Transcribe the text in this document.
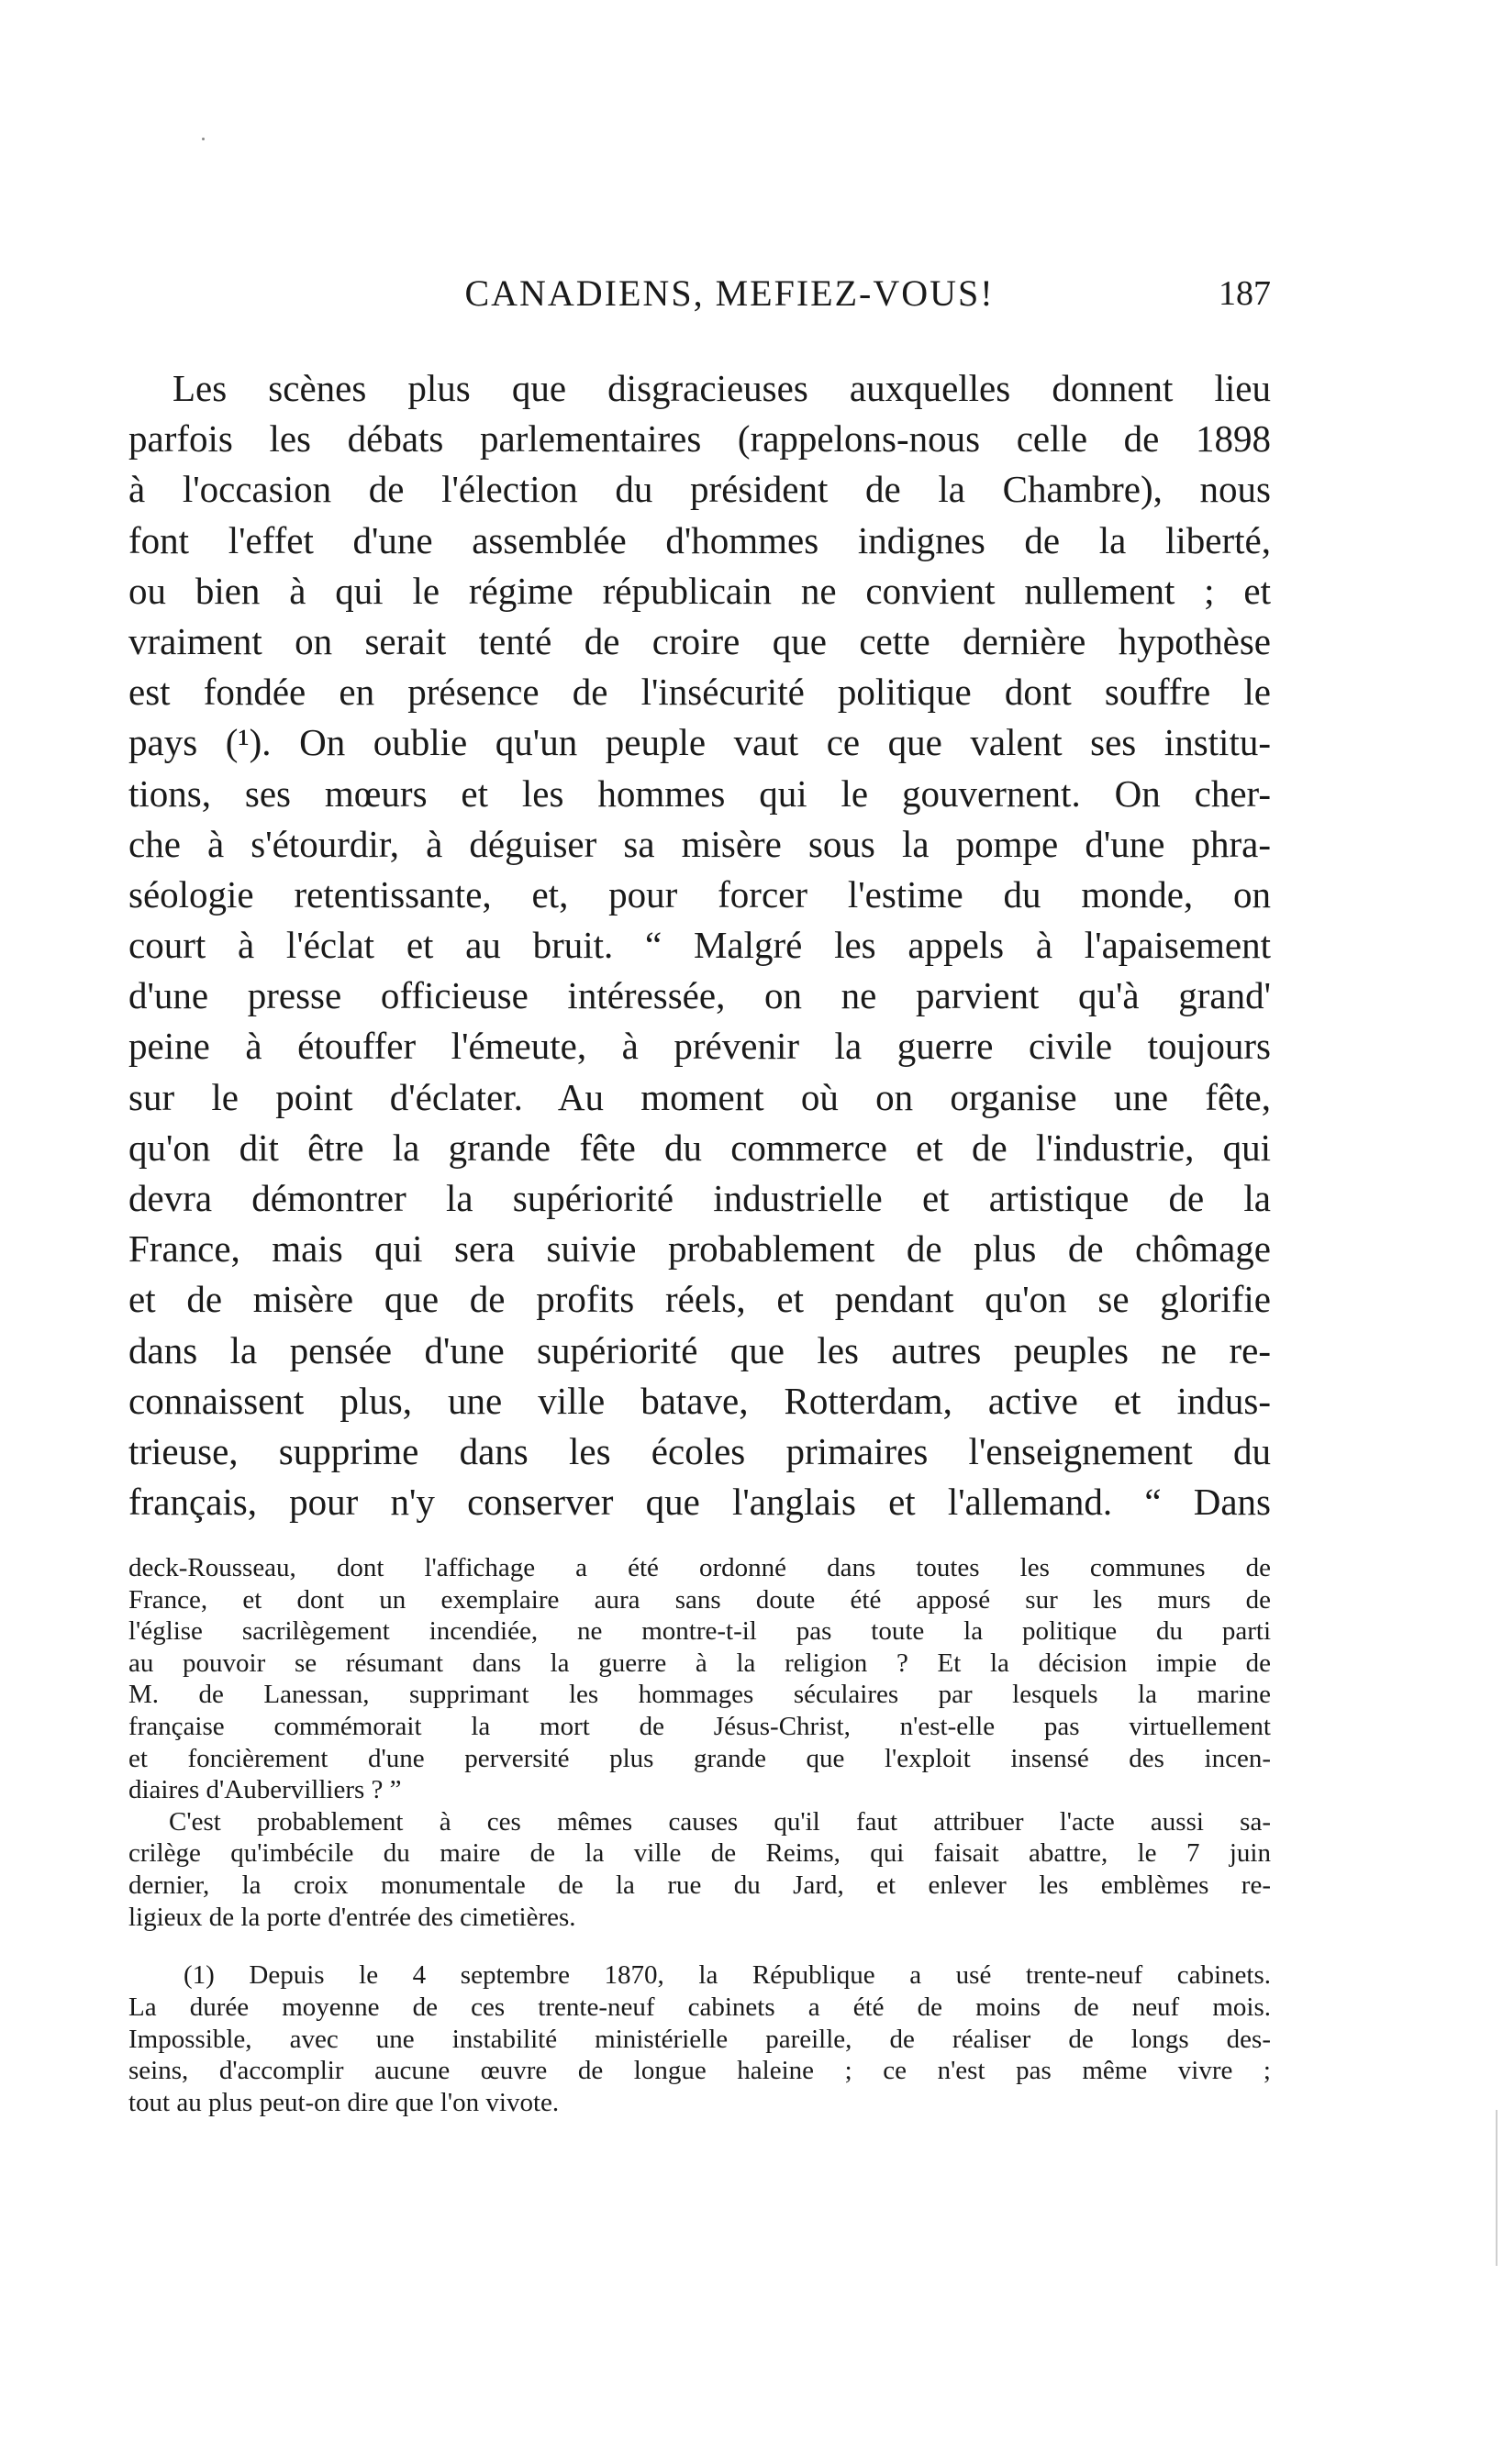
CANADIENS, MEFIEZ-VOUS!	187
Les scènes plus que disgracieuses auxquelles donnent lieu
parfois les débats parlementaires (rappelons-nous celle de 1898
à l'occasion de l'élection du président de la Chambre), nous
font l'effet d'une assemblée d'hommes indignes de la liberté,
ou bien à qui le régime républicain ne convient nullement ; et
vraiment on serait tenté de croire que cette dernière hypothèse
est fondée en présence de l'insécurité politique dont souffre le
pays (¹). On oublie qu'un peuple vaut ce que valent ses institu-
tions, ses mœurs et les hommes qui le gouvernent. On cher-
che à s'étourdir, à déguiser sa misère sous la pompe d'une phra-
séologie retentissante, et, pour forcer l'estime du monde, on
court à l'éclat et au bruit. “ Malgré les appels à l'apaisement
d'une presse officieuse intéressée, on ne parvient qu'à grand'
peine à étouffer l'émeute, à prévenir la guerre civile toujours
sur le point d'éclater. Au moment où on organise une fête,
qu'on dit être la grande fête du commerce et de l'industrie, qui
devra démontrer la supériorité industrielle et artistique de la
France, mais qui sera suivie probablement de plus de chômage
et de misère que de profits réels, et pendant qu'on se glorifie
dans la pensée d'une supériorité que les autres peuples ne re-
connaissent plus, une ville batave, Rotterdam, active et indus-
trieuse, supprime dans les écoles primaires l'enseignement du
français, pour n'y conserver que l'anglais et l'allemand. “ Dans
deck-Rousseau, dont l'affichage a été ordonné dans toutes les communes de
France, et dont un exemplaire aura sans doute été apposé sur les murs de
l'église sacrilègement incendiée, ne montre-t-il pas toute la politique du parti
au pouvoir se résumant dans la guerre à la religion ? Et la décision impie de
M. de Lanessan, supprimant les hommages séculaires par lesquels la marine
française commémorait la mort de Jésus-Christ, n'est-elle pas virtuellement
et foncièrement d'une perversité plus grande que l'exploit insensé des incen-
diaires d'Aubervilliers ? ”
C'est probablement à ces mêmes causes qu'il faut attribuer l'acte aussi sa-
crilège qu'imbécile du maire de la ville de Reims, qui faisait abattre, le 7 juin
dernier, la croix monumentale de la rue du Jard, et enlever les emblèmes re-
ligieux de la porte d'entrée des cimetières.
(1) Depuis le 4 septembre 1870, la République a usé trente-neuf cabinets.
La durée moyenne de ces trente-neuf cabinets a été de moins de neuf mois.
Impossible, avec une instabilité ministérielle pareille, de réaliser de longs des-
seins, d'accomplir aucune œuvre de longue haleine ; ce n'est pas même vivre ;
tout au plus peut-on dire que l'on vivote.
